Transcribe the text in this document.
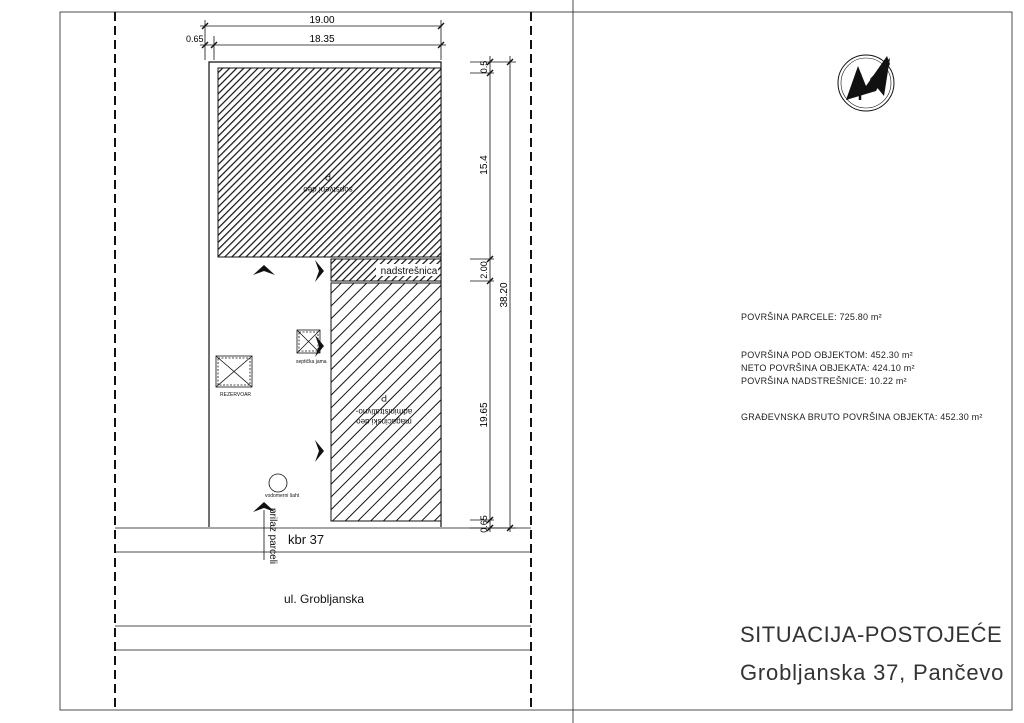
19.00
0.65	18.35
0.5
15.4
2.00
19.65
0.65
38.20
P
sopstveni deo
nadstrešnica
P
administrativno-
magacinski deo
septička jama
REZERVOAR
vodomerni šaht
prilaz parceli kbr 37
ul. Grobljanska
POVRŠINA PARCELE: 725.80 m²
POVRŠINA POD OBJEKTOM: 452.30 m²
NETO POVRŠINA OBJEKATA: 424.10 m²
POVRŠINA NADSTREŠNICE: 10.22 m²
GRAĐEVNSKA BRUTO POVRŠINA OBJEKTA: 452.30 m²
SITUACIJA-POSTOJEĆE
Grobljanska 37, Pančevo
